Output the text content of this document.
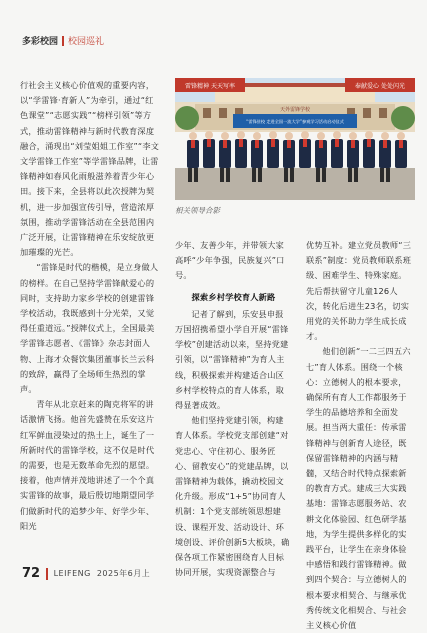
多彩校园 校园巡礼

行社会主义核心价值观的重要内容，以“学雷锋·育新人”为牵引，通过“红色课堂”“志愿实践”“榜样引领”等方式，推动雷锋精神与新时代教育深度融合，涌现出“刘莹姐姐工作室”“李文文学雷锋工作室”等学雷锋品牌，让雷锋精神如春风化雨般滋养着青少年心田。接下来，全县将以此次授牌为契机，进一步加强宣传引导，营造浓厚氛围，推动学雷锋活动在全县范围内广泛开展，让雷锋精神在乐安绽放更加璀璨的光芒。

“雷锋是时代的楷模，是立身做人的榜样。在自己坚持学雷锋献爱心的同时，支持助力家乡学校的创建雷锋学校活动，我既感到十分光荣，又觉得任重道远。”授牌仪式上，全国最美学雷锋志愿者、《雷锋》杂志封面人物、上海才众餐饮集团董事长兰云科的致辞，赢得了全场师生热烈的掌声。

青年从北京赶来的陶克将军的讲话激情飞扬。他首先盛赞在乐安这片红军鲜血浸染过的热土上，诞生了一所新时代的雷锋学校，这不仅是时代的需要，也是无数革命先烈的愿望。接着，他声情并茂地讲述了一个个真实雷锋的故事，最后殷切地期望同学们做新时代的追梦少年、好学少年、阳光

雷锋精神 天天写率	奉献爱心 处处闪光
天外雷锋学校
“雷锋驻校 走进全国一流大学”参观学习活动启动仪式
相关领导合影

少年、友善少年，并带领大家高呼“少年争强，民族复兴”口号。

探索乡村学校育人新路

记者了解到，乐安县申报万国招携希望小学自开展“雷锋学校”创建活动以来，坚持党建引领，以“雷锋精神”为育人主线，积极探索并构建适合山区乡村学校特点的育人体系，取得显著成效。

他们坚持党建引领，构建育人体系。学校党支部创建“对党忠心、守住初心、服务匠心、留教安心”的党建品牌，以雷锋精神为载体，撬动校园文化升级。形成“1+5”协同育人机制：1个党支部统领思想建设、课程开发、活动设计、环境创设、评价创新5大板块，确保各项工作紧密围绕育人目标协同开展，实现资源整合与

优势互补。建立党员教师“三联系”制度：党员教师联系班级、困难学生、特殊家庭。先后帮扶留守儿童126人次，转化后进生23名，切实用党的关怀助力学生成长成才。

他们创新“一二三四五六七”育人体系。围绕一个核心：立德树人的根本要求，确保所有育人工作都服务于学生的品德培养和全面发展。担当两大重任：传承雷锋精神与创新育人途径，既保留雷锋精神的内涵与精髓，又结合时代特点探索新的教育方式。建成三大实践基地：雷锋志愿服务站、农耕文化体验园、红色研学基地，为学生提供多样化的实践平台，让学生在亲身体验中感悟和践行雷锋精神。做到四个契合：与立德树人的根本要求相契合、与继承优秀传统文化相契合、与社会主义核心价值

72 LEIFENG 2025年6月上
